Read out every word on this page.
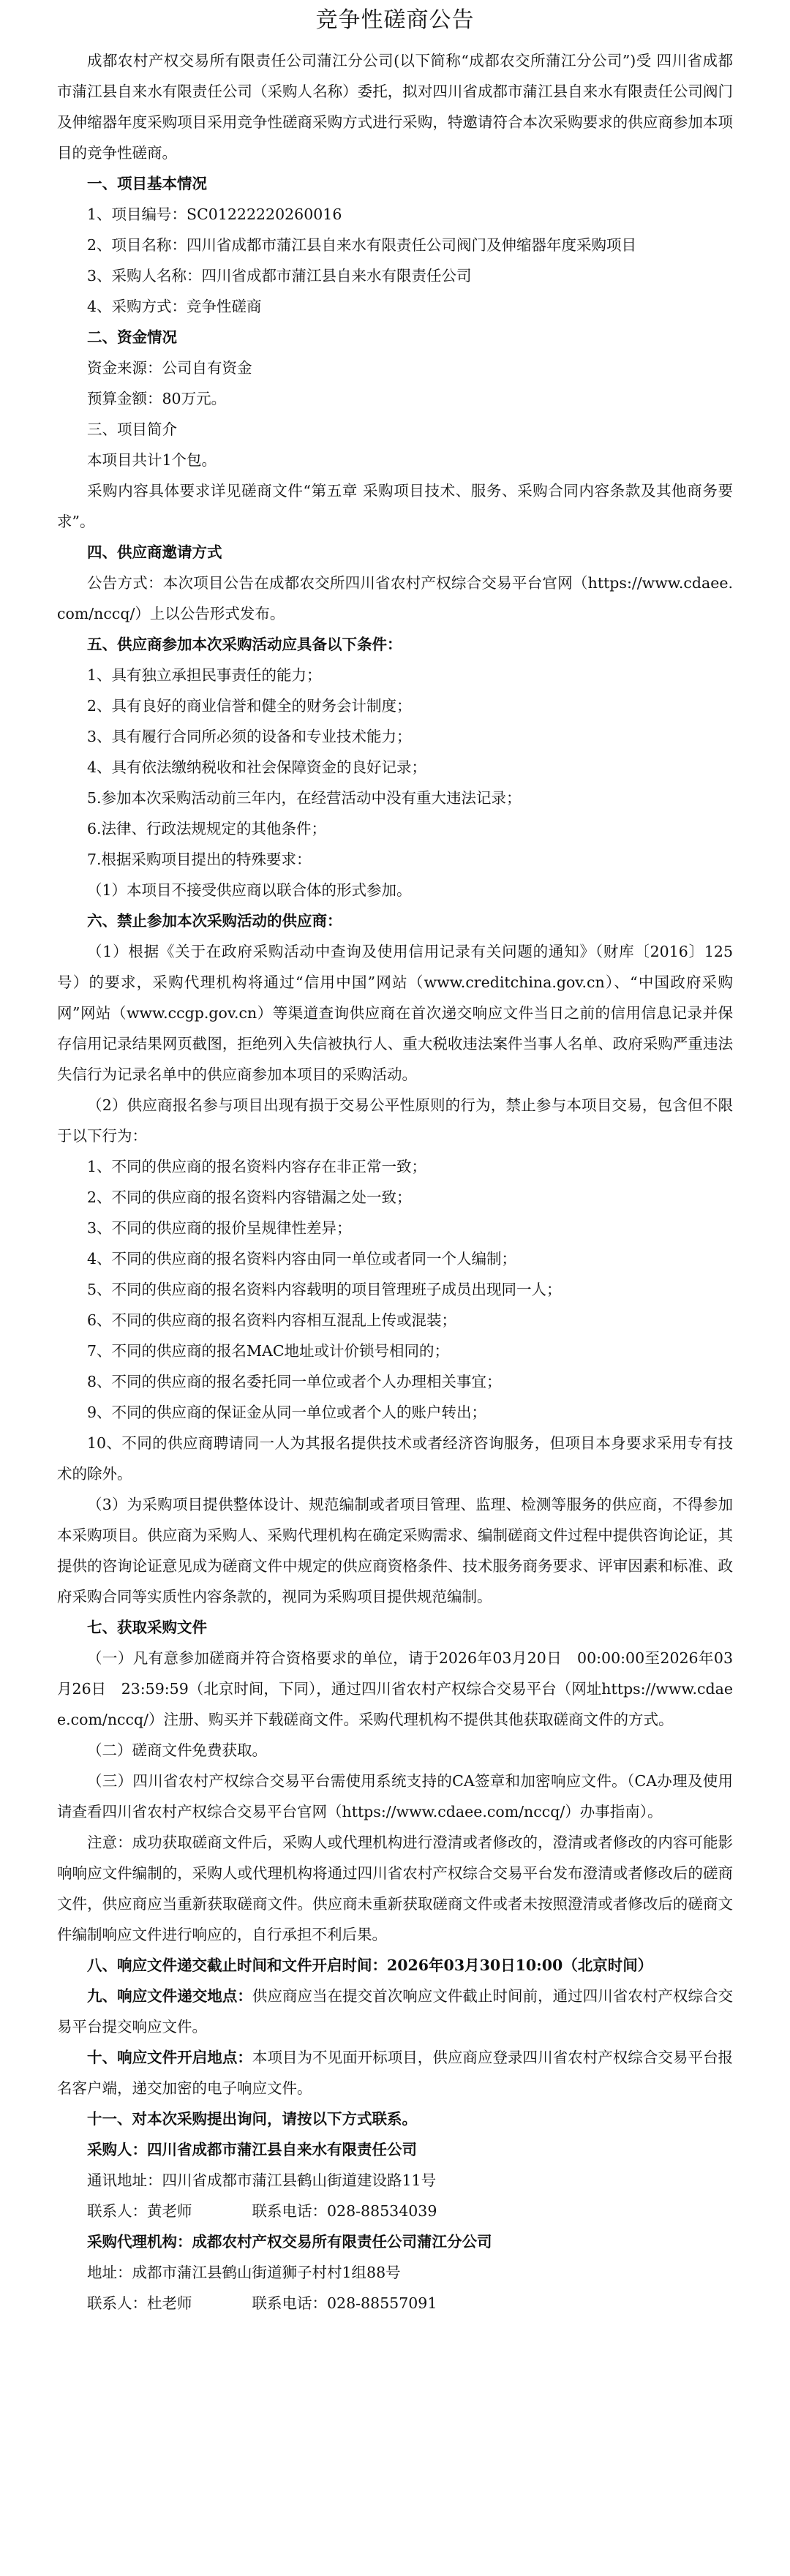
竞争性磋商公告

成都农村产权交易所有限责任公司蒲江分公司(以下简称“成都农交所蒲江分公司”)受 四川省成都市蒲江县自来水有限责任公司（采购人名称）委托，拟对四川省成都市蒲江县自来水有限责任公司阀门及伸缩器年度采购项目采用竞争性磋商采购方式进行采购，特邀请符合本次采购要求的供应商参加本项目的竞争性磋商。

一、项目基本情况

1、项目编号：SC01222220260016

2、项目名称：四川省成都市蒲江县自来水有限责任公司阀门及伸缩器年度采购项目

3、采购人名称：四川省成都市蒲江县自来水有限责任公司

4、采购方式：竞争性磋商

二、资金情况

资金来源：公司自有资金

预算金额：80万元。

三、项目简介

本项目共计1个包。

采购内容具体要求详见磋商文件“第五章 采购项目技术、服务、采购合同内容条款及其他商务要求”。

四、供应商邀请方式

公告方式：本次项目公告在成都农交所四川省农村产权综合交易平台官网（https://www.cdaee.com/nccq/）上以公告形式发布。

五、供应商参加本次采购活动应具备以下条件：

1、具有独立承担民事责任的能力；

2、具有良好的商业信誉和健全的财务会计制度；

3、具有履行合同所必须的设备和专业技术能力；

4、具有依法缴纳税收和社会保障资金的良好记录；

5.参加本次采购活动前三年内，在经营活动中没有重大违法记录；

6.法律、行政法规规定的其他条件；

7.根据采购项目提出的特殊要求：

（1）本项目不接受供应商以联合体的形式参加。

六、禁止参加本次采购活动的供应商：

（1）根据《关于在政府采购活动中查询及使用信用记录有关问题的通知》（财库〔2016〕125号）的要求，采购代理机构将通过“信用中国”网站（www.creditchina.gov.cn）、“中国政府采购网”网站（www.ccgp.gov.cn）等渠道查询供应商在首次递交响应文件当日之前的信用信息记录并保存信用记录结果网页截图，拒绝列入失信被执行人、重大税收违法案件当事人名单、政府采购严重违法失信行为记录名单中的供应商参加本项目的采购活动。

（2）供应商报名参与项目出现有损于交易公平性原则的行为，禁止参与本项目交易，包含但不限于以下行为：

1、不同的供应商的报名资料内容存在非正常一致；

2、不同的供应商的报名资料内容错漏之处一致；

3、不同的供应商的报价呈规律性差异；

4、不同的供应商的报名资料内容由同一单位或者同一个人编制；

5、不同的供应商的报名资料内容载明的项目管理班子成员出现同一人；

6、不同的供应商的报名资料内容相互混乱上传或混装；

7、不同的供应商的报名MAC地址或计价锁号相同的；

8、不同的供应商的报名委托同一单位或者个人办理相关事宜；

9、不同的供应商的保证金从同一单位或者个人的账户转出；

10、不同的供应商聘请同一人为其报名提供技术或者经济咨询服务，但项目本身要求采用专有技术的除外。

（3）为采购项目提供整体设计、规范编制或者项目管理、监理、检测等服务的供应商，不得参加本采购项目。供应商为采购人、采购代理机构在确定采购需求、编制磋商文件过程中提供咨询论证，其提供的咨询论证意见成为磋商文件中规定的供应商资格条件、技术服务商务要求、评审因素和标准、政府采购合同等实质性内容条款的，视同为采购项目提供规范编制。

七、获取采购文件

（一）凡有意参加磋商并符合资格要求的单位，请于2026年03月20日　00:00:00至2026年03月26日　23:59:59（北京时间，下同），通过四川省农村产权综合交易平台（网址https://www.cdaee.com/nccq/）注册、购买并下载磋商文件。采购代理机构不提供其他获取磋商文件的方式。

（二）磋商文件免费获取。

（三）四川省农村产权综合交易平台需使用系统支持的CA签章和加密响应文件。（CA办理及使用请查看四川省农村产权综合交易平台官网（https://www.cdaee.com/nccq/）办事指南）。

注意：成功获取磋商文件后，采购人或代理机构进行澄清或者修改的，澄清或者修改的内容可能影响响应文件编制的，采购人或代理机构将通过四川省农村产权综合交易平台发布澄清或者修改后的磋商文件，供应商应当重新获取磋商文件。供应商未重新获取磋商文件或者未按照澄清或者修改后的磋商文件编制响应文件进行响应的，自行承担不利后果。

八、响应文件递交截止时间和文件开启时间：2026年03月30日10:00（北京时间）

九、响应文件递交地点：供应商应当在提交首次响应文件截止时间前，通过四川省农村产权综合交易平台提交响应文件。

十、响应文件开启地点：本项目为不见面开标项目，供应商应登录四川省农村产权综合交易平台报名客户端，递交加密的电子响应文件。

十一、对本次采购提出询问，请按以下方式联系。

采购人：四川省成都市蒲江县自来水有限责任公司

通讯地址：四川省成都市蒲江县鹤山街道建设路11号

联系人：黄老师　　　　联系电话：028-88534039

采购代理机构：成都农村产权交易所有限责任公司蒲江分公司

地址：成都市蒲江县鹤山街道狮子村村1组88号

联系人：杜老师　　　　联系电话：028-88557091
